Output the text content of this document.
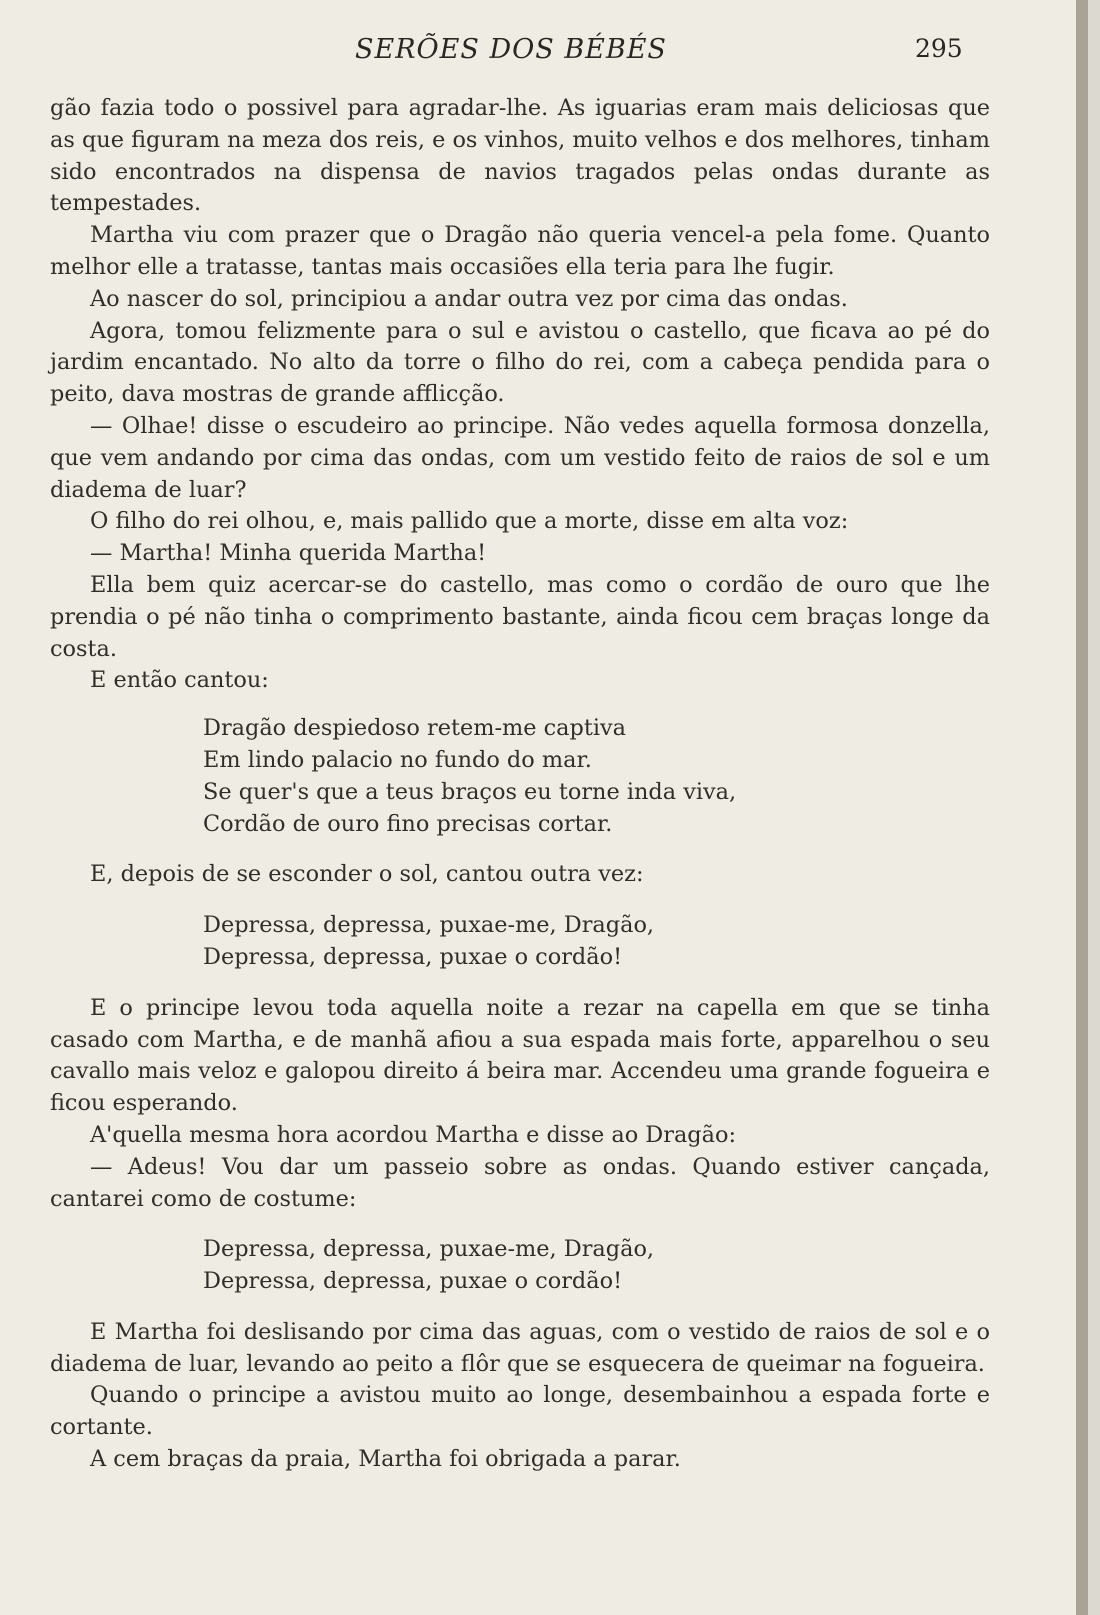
SERÕES DOS BÉBÉS	295

gão fazia todo o possivel para agradar-lhe. As iguarias eram mais deliciosas que as que figuram na meza dos reis, e os vinhos, muito velhos e dos melhores, tinham sido encontrados na dispensa de navios tragados pelas ondas durante as tempestades.

Martha viu com prazer que o Dragão não queria vencel-a pela fome. Quanto melhor elle a tratasse, tantas mais occasiões ella teria para lhe fugir.

Ao nascer do sol, principiou a andar outra vez por cima das ondas.

Agora, tomou felizmente para o sul e avistou o castello, que ficava ao pé do jardim encantado. No alto da torre o filho do rei, com a cabeça pendida para o peito, dava mostras de grande afflicção.

— Olhae! disse o escudeiro ao principe. Não vedes aquella formosa donzella, que vem andando por cima das ondas, com um vestido feito de raios de sol e um diadema de luar?

O filho do rei olhou, e, mais pallido que a morte, disse em alta voz:

— Martha! Minha querida Martha!

Ella bem quiz acercar-se do castello, mas como o cordão de ouro que lhe prendia o pé não tinha o comprimento bastante, ainda ficou cem braças longe da costa.

E então cantou:

Dragão despiedoso retem-me captiva
Em lindo palacio no fundo do mar.
Se quer's que a teus braços eu torne inda viva,
Cordão de ouro fino precisas cortar.

E, depois de se esconder o sol, cantou outra vez:

Depressa, depressa, puxae-me, Dragão,
Depressa, depressa, puxae o cordão!

E o principe levou toda aquella noite a rezar na capella em que se tinha casado com Martha, e de manhã afiou a sua espada mais forte, apparelhou o seu cavallo mais veloz e galopou direito á beira mar. Accendeu uma grande fogueira e ficou esperando.

A'quella mesma hora acordou Martha e disse ao Dragão:

— Adeus! Vou dar um passeio sobre as ondas. Quando estiver cançada, cantarei como de costume:

Depressa, depressa, puxae-me, Dragão,
Depressa, depressa, puxae o cordão!

E Martha foi deslisando por cima das aguas, com o vestido de raios de sol e o diadema de luar, levando ao peito a flôr que se esquecera de queimar na fogueira.

Quando o principe a avistou muito ao longe, desembainhou a espada forte e cortante.

A cem braças da praia, Martha foi obrigada a parar.
